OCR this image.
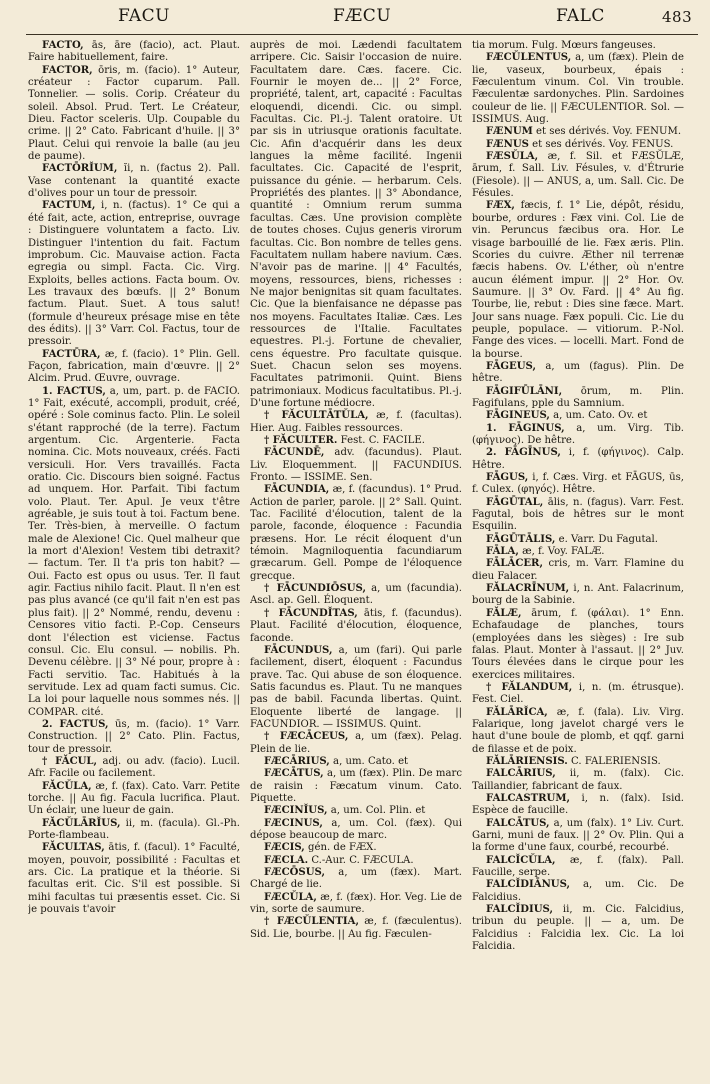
FACU	FÆCU	FALC	483

FACTO, ās, āre (facio), act. Plaut. Faire habituellement, faire.

FACTOR, ōris, m. (facio). 1° Auteur, créateur : Factor cuparum. Pall. Tonnelier. — solis. Corip. Créateur du soleil. Absol. Prud. Tert. Le Créateur, Dieu. Factor sceleris. Ulp. Coupable du crime. || 2° Cato. Fabricant d'huile. || 3° Plaut. Celui qui renvoie la balle (au jeu de paume).

FACTŌRĬUM, ĭi, n. (factus 2). Pall. Vase contenant la quantité exacte d'olives pour un tour de pressoir.

FACTUM, i, n. (factus). 1° Ce qui a été fait, acte, action, entreprise, ouvrage : Distinguere voluntatem a facto. Liv. Distinguer l'intention du fait. Factum improbum. Cic. Mauvaise action. Facta egregia ou simpl. Facta. Cic. Virg. Exploits, belles actions. Facta boum. Ov. Les travaux des bœufs. || 2° Bonum factum. Plaut. Suet. A tous salut! (formule d'heureux présage mise en tête des édits). || 3° Varr. Col. Factus, tour de pressoir.

FACTŪRA, æ, f. (facio). 1° Plin. Gell. Façon, fabrication, main d'œuvre. || 2° Alcim. Prud. Œuvre, ouvrage.

1. FACTUS, a, um, part. p. de FACIO. 1° Fait, exécuté, accompli, produit, créé, opéré : Sole cominus facto. Plin. Le soleil s'étant rapproché (de la terre). Factum argentum. Cic. Argenterie. Facta nomina. Cic. Mots nouveaux, créés. Facti versiculi. Hor. Vers travaillés. Facta oratio. Cic. Discours bien soigné. Factus ad unquem. Hor. Parfait. Tibi factum volo. Plaut. Ter. Apul. Je veux t'être agréable, je suis tout à toi. Factum bene. Ter. Très-bien, à merveille. O factum male de Alexione! Cic. Quel malheur que la mort d'Alexion! Vestem tibi detraxit? — factum. Ter. Il t'a pris ton habit? — Oui. Facto est opus ou usus. Ter. Il faut agir. Factius nihilo facit. Plaut. Il n'en est pas plus avancé (ce qu'il fait n'en est pas plus fait). || 2° Nommé, rendu, devenu : Censores vitio facti. P.-Cop. Censeurs dont l'élection est viciense. Factus consul. Cic. Elu consul. — nobilis. Ph. Devenu célèbre. || 3° Né pour, propre à : Facti servitio. Tac. Habitués à la servitude. Lex ad quam facti sumus. Cic. La loi pour laquelle nous sommes nés. || COMPAR. cité.

2. FACTUS, ūs, m. (facio). 1° Varr. Construction. || 2° Cato. Plin. Factus, tour de pressoir.

† FĂCUL, adj. ou adv. (facio). Lucil. Afr. Facile ou facilement.

FĂCŬLA, æ, f. (fax). Cato. Varr. Petite torche. || Au fig. Facula lucrifica. Plaut. Un éclair, une lueur de gain.

FĂCŬLĀRĬUS, ii, m. (facula). Gl.-Ph. Porte-flambeau.

FĂCULTAS, ātis, f. (facul). 1° Faculté, moyen, pouvoir, possibilité : Facultas et ars. Cic. La pratique et la théorie. Si facultas erit. Cic. S'il est possible. Si mihi facultas tui præsentis esset. Cic. Si je pouvais t'avoir

auprès de moi. Lædendi facultatem arripere. Cic. Saisir l'occasion de nuire. Facultatem dare. Cæs. facere. Cic. Fournir le moyen de... || 2° Force, propriété, talent, art, capacité : Facultas eloquendi, dicendi. Cic. ou simpl. Facultas. Cic. Pl.-j. Talent oratoire. Ut par sis in utriusque orationis facultate. Cic. Afin d'acquérir dans les deux langues la même facilité. Ingenii facultates. Cic. Capacité de l'esprit, puissance du génie. — herbarum. Cels. Propriétés des plantes. || 3° Abondance, quantité : Omnium rerum summa facultas. Cæs. Une provision complète de toutes choses. Cujus generis virorum facultas. Cic. Bon nombre de telles gens. Facultatem nullam habere navium. Cæs. N'avoir pas de marine. || 4° Facultés, moyens, ressources, biens, richesses : Ne major benignitas sit quam facultates. Cic. Que la bienfaisance ne dépasse pas nos moyens. Facultates Italiæ. Cæs. Les ressources de l'Italie. Facultates equestres. Pl.-j. Fortune de chevalier, cens équestre. Pro facultate quisque. Suet. Chacun selon ses moyens. Facultates patrimonii. Quint. Biens patrimoniaux. Modicus facultatibus. Pl.-j. D'une fortune médiocre.

† FĂCULTĀTŬLA, æ, f. (facultas). Hier. Aug. Faibles ressources.

† FĂCULTER. Fest. C. FACILE.

FĀCUNDĒ, adv. (facundus). Plaut. Liv. Eloquemment. || FACUNDIUS. Fronto. — ISSIME. Sen.

FĀCUNDIA, æ, f. (facundus). 1° Prud. Action de parler, parole. || 2° Sall. Quint. Tac. Facilité d'élocution, talent de la parole, faconde, éloquence : Facundia præsens. Hor. Le récit éloquent d'un témoin. Magniloquentia facundiarum græcarum. Gell. Pompe de l'éloquence grecque.

† FĀCUNDIŌSUS, a, um (facundia). Ascl. ap. Gell. Éloquent.

† FĀCUNDĬTAS, ātis, f. (facundus). Plaut. Facilité d'élocution, éloquence, faconde.

FĀCUNDUS, a, um (fari). Qui parle facilement, disert, éloquent : Facundus prave. Tac. Qui abuse de son éloquence. Satis facundus es. Plaut. Tu ne manques pas de babil. Facunda libertas. Quint. Eloquente liberté de langage. || FACUNDIOR. — ISSIMUS. Quint.

† FÆCĀCEUS, a, um (fæx). Pelag. Plein de lie.

FÆCĀRIUS, a, um. Cato. et

FÆCĀTUS, a, um (fæx). Plin. De marc de raisin : Fæcatum vinum. Cato. Piquette.

FÆCINĬUS, a, um. Col. Plin. et

FÆCINUS, a, um. Col. (fæx). Qui dépose beaucoup de marc.

FÆCIS, gén. de FÆX.

FÆCLA. C.-Aur. C. FÆCULA.

FÆCŌSUS, a, um (fæx). Mart. Chargé de lie.

FÆCŬLA, æ, f. (fæx). Hor. Veg. Lie de vin, sorte de saumure.

† FÆCŬLENTIA, æ, f. (fæculentus). Sid. Lie, bourbe. || Au fig. Fæculen-

tia morum. Fulg. Mœurs fangeuses.

FÆCŬLENTUS, a, um (fæx). Plein de lie, vaseux, bourbeux, épais : Fæculentum vinum. Col. Vin trouble. Fæculentæ sardonyches. Plin. Sardoines couleur de lie. || FÆCULENTIOR. Sol. — ISSIMUS. Aug.

FÆNUM et ses dérivés. Voy. FENUM.

FÆNUS et ses dérivés. Voy. FENUS.

FÆSŬLA, æ, f. Sil. et FÆSŬLÆ, ārum, f. Sall. Liv. Fésules, v. d'Étrurie (Fiesole). || — ANUS, a, um. Sall. Cic. De Fésules.

FÆX, fæcis, f. 1° Lie, dépôt, résidu, bourbe, ordures : Fæx vini. Col. Lie de vin. Peruncus fæcibus ora. Hor. Le visage barbouillé de lie. Fæx æris. Plin. Scories du cuivre. Æther nil terrenæ fæcis habens. Ov. L'éther, où n'entre aucun élément impur. || 2° Hor. Ov. Saumure. || 3° Ov. Fard. || 4° Au fig. Tourbe, lie, rebut : Dies sine fæce. Mart. Jour sans nuage. Fæx populi. Cic. Lie du peuple, populace. — vitiorum. P.-Nol. Fange des vices. — locelli. Mart. Fond de la bourse.

FĀGEUS, a, um (fagus). Plin. De hêtre.

FĀGIFŪLĀNI, ōrum, m. Plin. Fagifulans, pple du Samnium.

FĀGINEUS, a, um. Cato. Ov. et

1. FĀGINUS, a, um. Virg. Tib. (φήγινος). De hêtre.

2. FĀGĪNUS, i, f. (φήγινος). Calp. Hêtre.

FĀGUS, i, f. Cæs. Virg. et FĀGUS, ūs, f. Culex. (φηγός). Hêtre.

FĀGŪTAL, ālis, n. (fagus). Varr. Fest. Fagutal, bois de hêtres sur le mont Esquilin.

FĀGŪTĀLIS, e. Varr. Du Fagutal.

FĀLA, æ, f. Voy. FALÆ.

FĀLĀCER, cris, m. Varr. Flamine du dieu Falacer.

FĂLACRĪNUM, i, n. Ant. Falacrinum, bourg de la Sabinie.

FĂLÆ, ārum, f. (φάλαι). 1° Enn. Echafaudage de planches, tours (employées dans les sièges) : Ire sub falas. Plaut. Monter à l'assaut. || 2° Juv. Tours élevées dans le cirque pour les exercices militaires.

† FĂLANDUM, i, n. (m. étrusque). Fest. Ciel.

FĂLĀRĬCA, æ, f. (fala). Liv. Virg. Falarique, long javelot chargé vers le haut d'une boule de plomb, et qqf. garni de filasse et de poix.

FĂLĀRIENSIS. C. FALERIENSIS.

FALCĀRIUS, ii, m. (falx). Cic. Taillandier, fabricant de faux.

FALCASTRUM, i, n. (falx). Isid. Espèce de faucille.

FALCĀTUS, a, um (falx). 1° Liv. Curt. Garni, muni de faux. || 2° Ov. Plin. Qui a la forme d'une faux, courbé, recourbé.

FALCĬCŬLA, æ, f. (falx). Pall. Faucille, serpe.

FALCĬDIĀNUS, a, um. Cic. De Falcidius.

FALCĬDIUS, ii, m. Cic. Falcidius, tribun du peuple. || — a, um. De Falcidius : Falcidia lex. Cic. La loi Falcidia.
